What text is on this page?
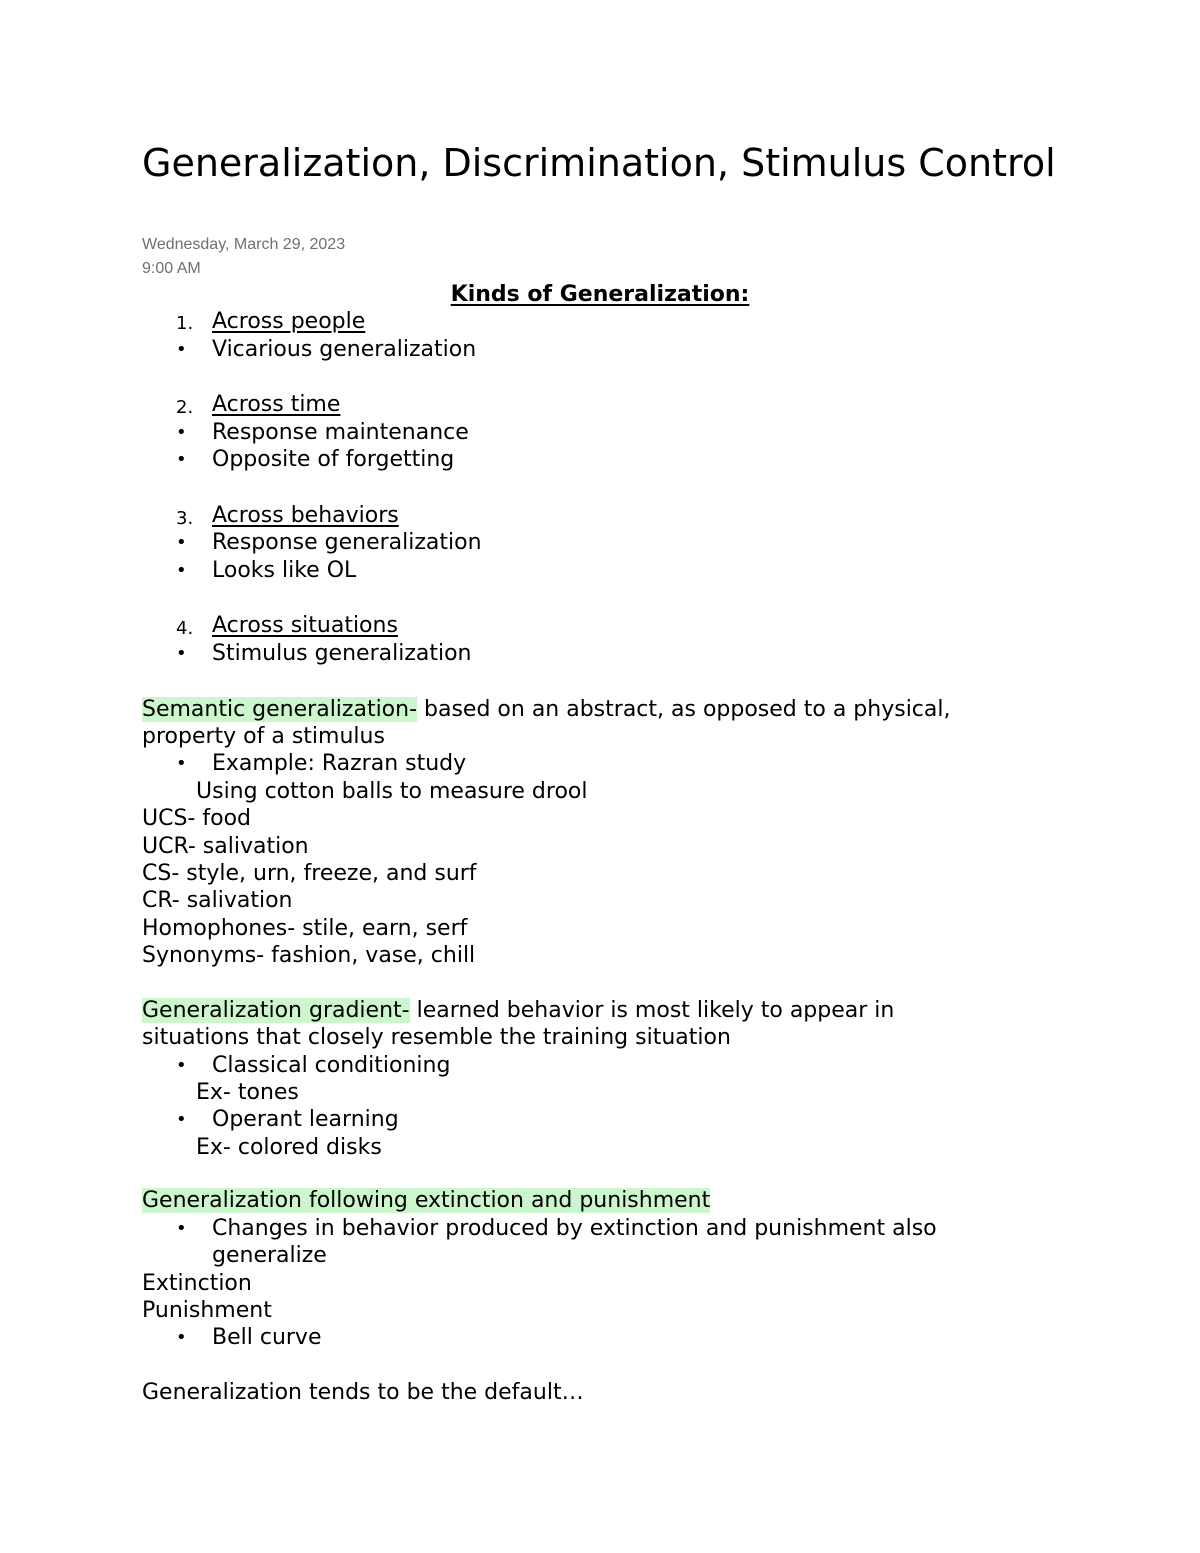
Generalization, Discrimination, Stimulus Control
Wednesday, March 29, 2023
9:00 AM
Kinds of Generalization:
1. Across people
• Vicarious generalization
2. Across time
• Response maintenance
• Opposite of forgetting
3. Across behaviors
• Response generalization
• Looks like OL
4. Across situations
• Stimulus generalization
Semantic generalization- based on an abstract, as opposed to a physical,
property of a stimulus
• Example: Razran study
Using cotton balls to measure drool
UCS- food
UCR- salivation
CS- style, urn, freeze, and surf
CR- salivation
Homophones- stile, earn, serf
Synonyms- fashion, vase, chill
Generalization gradient- learned behavior is most likely to appear in
situations that closely resemble the training situation
• Classical conditioning
Ex- tones
• Operant learning
Ex- colored disks
Generalization following extinction and punishment
• Changes in behavior produced by extinction and punishment also
generalize
Extinction
Punishment
• Bell curve
Generalization tends to be the default…
